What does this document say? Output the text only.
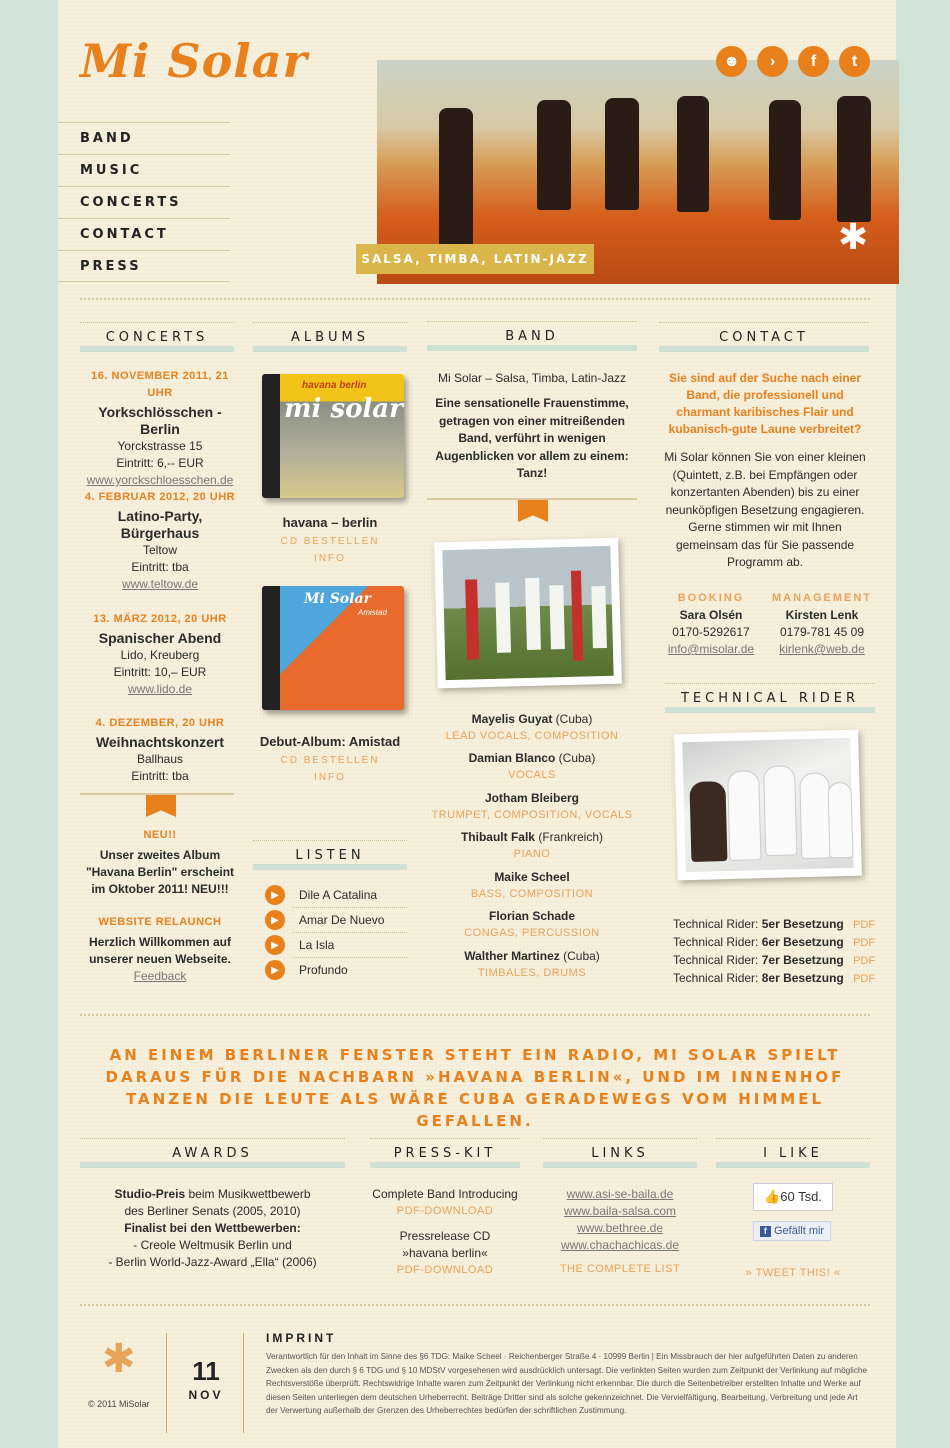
Mi Solar
BAND
MUSIC
CONCERTS
CONTACT
PRESS	SALSA, TIMBA, LATIN-JAZZ
✱
☻	›	f	t
CONCERTS
16. NOVEMBER 2011, 21 UHR
Yorkschlösschen - Berlin
Yorckstrasse 15
Eintritt: 6,-- EUR
www.yorckschloesschen.de
4. FEBRUAR 2012, 20 UHR
Latino-Party, Bürgerhaus
Teltow
Eintritt: tba
www.teltow.de
13. MÄRZ 2012, 20 UHR
Spanischer Abend
Lido, Kreuberg
Eintritt: 10,– EUR
www.lido.de
4. DEZEMBER, 20 UHR
Weihnachtskonzert
Ballhaus
Eintritt: tba
NEU!!
Unser zweites Album "Havana Berlin" erscheint im Oktober 2011! NEU!!!
WEBSITE RELAUNCH
Herzlich Willkommen auf unserer neuen Webseite.
Feedback
ALBUMS
havana berlin
mi solar
havana – berlin
CD BESTELLEN
INFO
Mi Solar
Amistad
Debut-Album: Amistad
CD BESTELLEN
INFO
LISTEN
▶	Dile A Catalina
▶	Amar De Nuevo
▶	La Isla
▶	Profundo
BAND
Mi Solar – Salsa, Timba, Latin-Jazz
Eine sensationelle Frauenstimme, getragen von einer mitreißenden Band, verführt in wenigen Augenblicken vor allem zu einem: Tanz!
Mayelis Guyat (Cuba)
LEAD VOCALS, COMPOSITION
Damian Blanco (Cuba)
VOCALS
Jotham Bleiberg
TRUMPET, COMPOSITION, VOCALS
Thibault Falk (Frankreich)
PIANO
Maike Scheel
BASS, COMPOSITION
Florian Schade
CONGAS, PERCUSSION
Walther Martinez (Cuba)
TIMBALES, DRUMS
CONTACT
Sie sind auf der Suche nach einer Band, die professionell und charmant karibisches Flair und kubanisch-gute Laune verbreitet?
Mi Solar können Sie von einer kleinen (Quintett, z.B. bei Empfängen oder konzertanten Abenden) bis zu einer neunköpfigen Besetzung engagieren. Gerne stimmen wir mit Ihnen gemeinsam das für Sie passende Programm ab.
BOOKING
Sara Olsén
0170-5292617
info@misolar.de
MANAGEMENT
Kirsten Lenk
0179-781 45 09
kirlenk@web.de
TECHNICAL RIDER
Technical Rider: 5er Besetzung PDF
Technical Rider: 6er Besetzung PDF
Technical Rider: 7er Besetzung PDF
Technical Rider: 8er Besetzung PDF
AN EINEM BERLINER FENSTER STEHT EIN RADIO, MI SOLAR SPIELT DARAUS FÜR DIE NACHBARN »HAVANA BERLIN«, UND IM INNENHOF TANZEN DIE LEUTE ALS WÄRE CUBA GERADEWEGS VOM HIMMEL GEFALLEN.
AWARDS
Studio-Preis beim Musikwettbewerb
des Berliner Senats (2005, 2010)
Finalist bei den Wettbewerben:
- Creole Weltmusik Berlin und
- Berlin World-Jazz-Award „Ella“ (2006)
PRESS-KIT
Complete Band Introducing
PDF-DOWNLOAD
Pressrelease CD
»havana berlin«
PDF-DOWNLOAD
LINKS
www.asi-se-baila.de
www.baila-salsa.com
www.bethree.de
www.chachachicas.de
THE COMPLETE LIST
I LIKE
👍60 Tsd.
f Gefällt mir
» TWEET THIS! «
✱
© 2011 MiSolar
11
NOV
IMPRINT
Verantwortlich für den Inhalt im Sinne des §6 TDG: Maike Scheel · Reichenberger Straße 4 · 10999 Berlin | Ein Missbrauch der hier aufgeführten Daten zu anderen Zwecken als den durch § 6 TDG und § 10 MDStV vorgesehenen wird ausdrücklich untersagt. Die verlinkten Seiten wurden zum Zeitpunkt der Verlinkung auf mögliche Rechtsverstöße überprüft. Rechtswidrige Inhalte waren zum Zeitpunkt der Verlinkung nicht erkennbar. Die durch die Seitenbetreiber erstellten Inhalte und Werke auf diesen Seiten unterliegen dem deutschen Urheberrecht. Beiträge Dritter sind als solche gekennzeichnet. Die Vervielfältigung, Bearbeitung, Verbreitung und jede Art der Verwertung außerhalb der Grenzen des Urheberrechtes bedürfen der schriftlichen Zustimmung.
